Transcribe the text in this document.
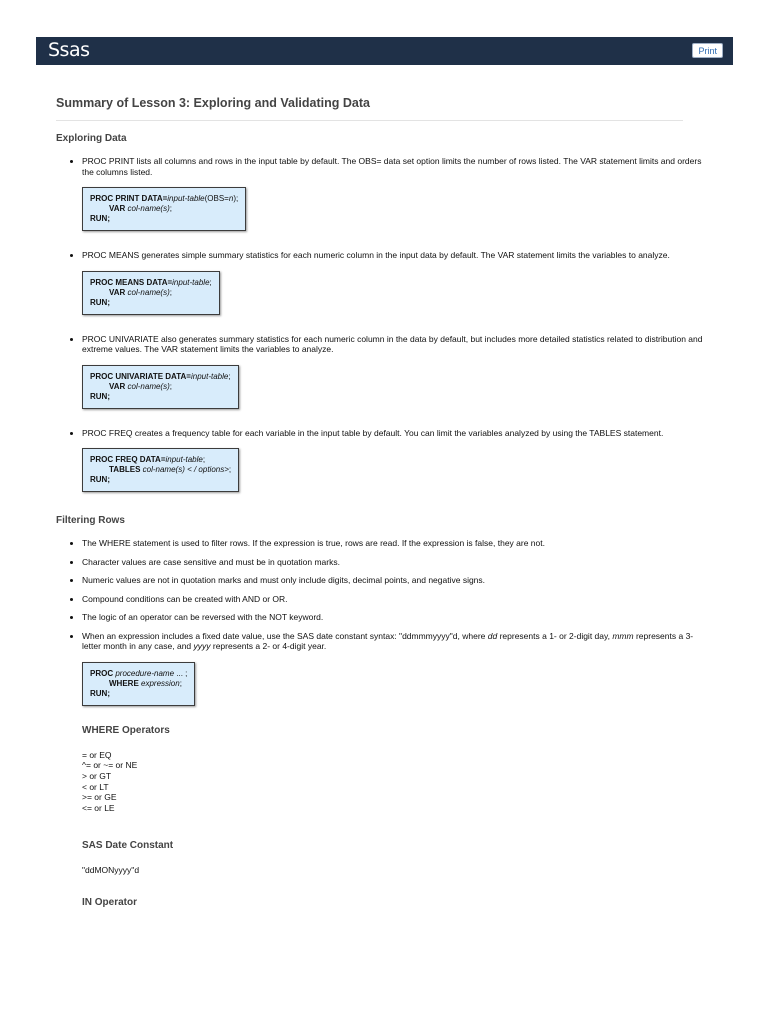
Ssas	Print
Summary of Lesson 3: Exploring and Validating Data
Exploring Data

• PROC PRINT lists all columns and rows in the input table by default. The OBS= data set option limits the number of rows listed. The VAR statement limits and orders the columns listed.

PROC PRINT DATA=input-table(OBS=n);
VAR col-name(s);
RUN;

• PROC MEANS generates simple summary statistics for each numeric column in the input data by default. The VAR statement limits the variables to analyze.

PROC MEANS DATA=input-table;
VAR col-name(s);
RUN;

• PROC UNIVARIATE also generates summary statistics for each numeric column in the data by default, but includes more detailed statistics related to distribution and extreme values. The VAR statement limits the variables to analyze.

PROC UNIVARIATE DATA=input-table;
VAR col-name(s);
RUN;

• PROC FREQ creates a frequency table for each variable in the input table by default. You can limit the variables analyzed by using the TABLES statement.

PROC FREQ DATA=input-table;
TABLES col-name(s) < / options>;
RUN;
Filtering Rows
• The WHERE statement is used to filter rows. If the expression is true, rows are read. If the expression is false, they are not.
• Character values are case sensitive and must be in quotation marks.
• Numeric values are not in quotation marks and must only include digits, decimal points, and negative signs.
• Compound conditions can be created with AND or OR.
• The logic of an operator can be reversed with the NOT keyword.

• When an expression includes a fixed date value, use the SAS date constant syntax: "ddmmmyyyy"d, where dd represents a 1- or 2-digit day, mmm represents a 3-letter month in any case, and yyyy represents a 2- or 4-digit year.

PROC procedure-name ... ;
WHERE expression;
RUN;
WHERE Operators
= or EQ
^= or ~= or NE
> or GT
< or LT
>= or GE
<= or LE
SAS Date Constant
"ddMONyyyy"d
IN Operator
